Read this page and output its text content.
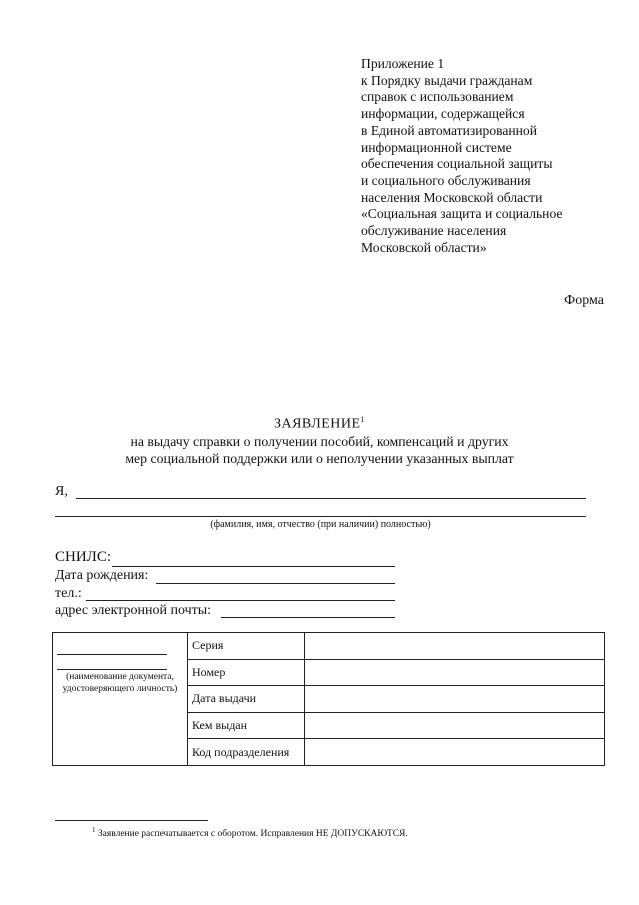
Приложение 1
к Порядку выдачи гражданам
справок с использованием
информации, содержащейся
в Единой автоматизированной
информационной системе
обеспечения социальной защиты
и социального обслуживания
населения Московской области
«Социальная защита и социальное
обслуживание населения
Московской области»
Форма
ЗАЯВЛЕНИЕ$^1$
на выдачу справки о получении пособий, компенсаций и других
мер социальной поддержки или о неполучении указанных выплат
Я,
(фамилия, имя, отчество (при наличии) полностью)
СНИЛС:
Дата рождения:
тел.:
адрес электронной почты:
(наименование документа,
удостоверяющего личность)	Серия	
	Номер	
	Дата выдачи	
	Кем выдан	
	Код подразделения	
$^1$ Заявление распечатывается с оборотом. Исправления НЕ ДОПУСКАЮТСЯ.
